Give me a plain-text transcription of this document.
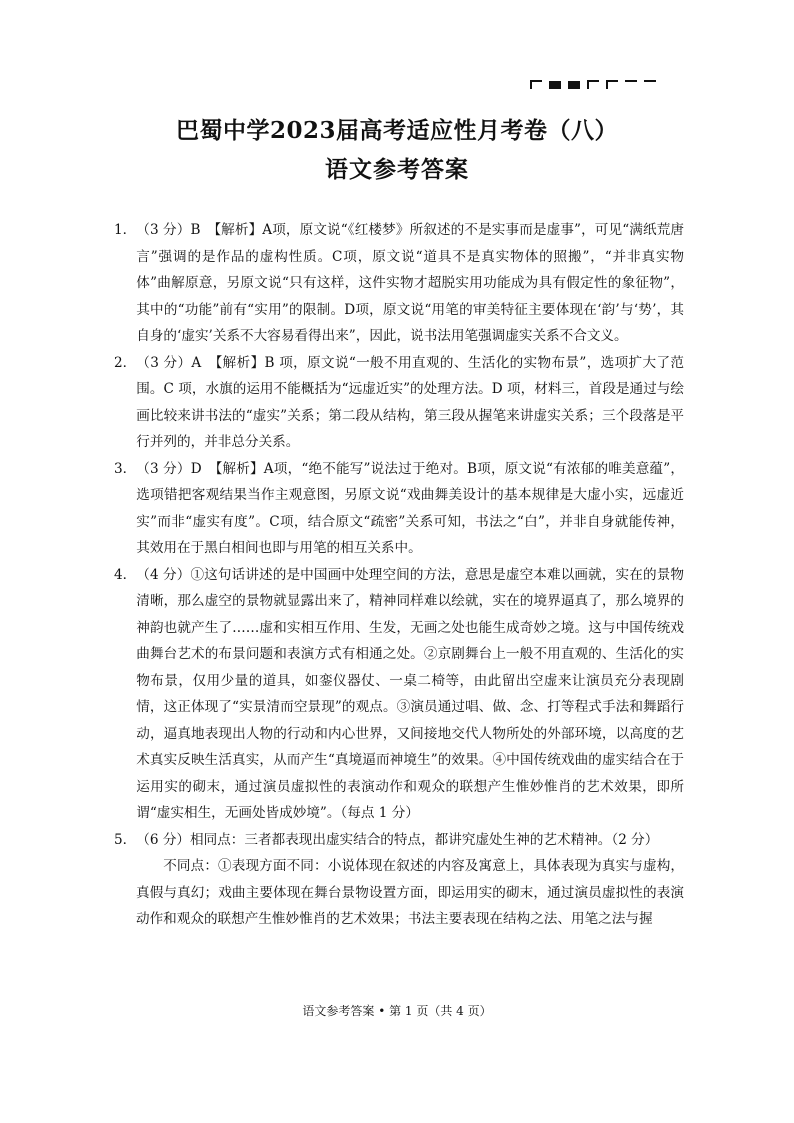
巴蜀中学2023届高考适应性月考卷（八）
语文参考答案
1． （3 分）B　【解析】A项，原文说“《红楼梦》所叙述的不是实事而是虚事”，可见“满纸荒唐言”强调的是作品的虚构性质。C项，原文说“道具不是真实物体的照搬”，“并非真实物体”曲解原意，另原文说“只有这样，这件实物才超脱实用功能成为具有假定性的象征物”，其中的“功能”前有“实用”的限制。D项，原文说“用笔的审美特征主要体现在‘韵’与‘势’，其自身的‘虚实’关系不大容易看得出来”，因此，说书法用笔强调虚实关系不合文义。
2． （3 分）A　【解析】B 项，原文说“一般不用直观的、生活化的实物布景”，选项扩大了范围。C 项，水旗的运用不能概括为“远虚近实”的处理方法。D 项，材料三，首段是通过与绘画比较来讲书法的“虚实”关系；第二段从结构，第三段从握笔来讲虚实关系；三个段落是平行并列的，并非总分关系。
3． （3 分）D　【解析】A项，“绝不能写”说法过于绝对。B项，原文说“有浓郁的唯美意蕴”，选项错把客观结果当作主观意图，另原文说“戏曲舞美设计的基本规律是大虚小实，远虚近实”而非“虚实有度”。C项，结合原文“疏密”关系可知，书法之“白”，并非自身就能传神，其效用在于黑白相间也即与用笔的相互关系中。
4． （4 分）①这句话讲述的是中国画中处理空间的方法，意思是虚空本难以画就，实在的景物清晰，那么虚空的景物就显露出来了，精神同样难以绘就，实在的境界逼真了，那么境界的神韵也就产生了……虚和实相互作用、生发，无画之处也能生成奇妙之境。这与中国传统戏曲舞台艺术的布景问题和表演方式有相通之处。②京剧舞台上一般不用直观的、生活化的实物布景，仅用少量的道具，如銮仪器仗、一桌二椅等，由此留出空虚来让演员充分表现剧情，这正体现了“实景清而空景现”的观点。③演员通过唱、做、念、打等程式手法和舞蹈行动，逼真地表现出人物的行动和内心世界，又间接地交代人物所处的外部环境，以高度的艺术真实反映生活真实，从而产生“真境逼而神境生”的效果。④中国传统戏曲的虚实结合在于运用实的砌末，通过演员虚拟性的表演动作和观众的联想产生惟妙惟肖的艺术效果，即所谓“虚实相生，无画处皆成妙境”。（每点 1 分）
5． （6 分）相同点：三者都表现出虚实结合的特点，都讲究虚处生神的艺术精神。（2 分）
不同点：①表现方面不同：小说体现在叙述的内容及寓意上，具体表现为真实与虚构，真假与真幻；戏曲主要体现在舞台景物设置方面，即运用实的砌末，通过演员虚拟性的表演动作和观众的联想产生惟妙惟肖的艺术效果；书法主要表现在结构之法、用笔之法与握
语文参考答案 • 第 1 页（共 4 页）
